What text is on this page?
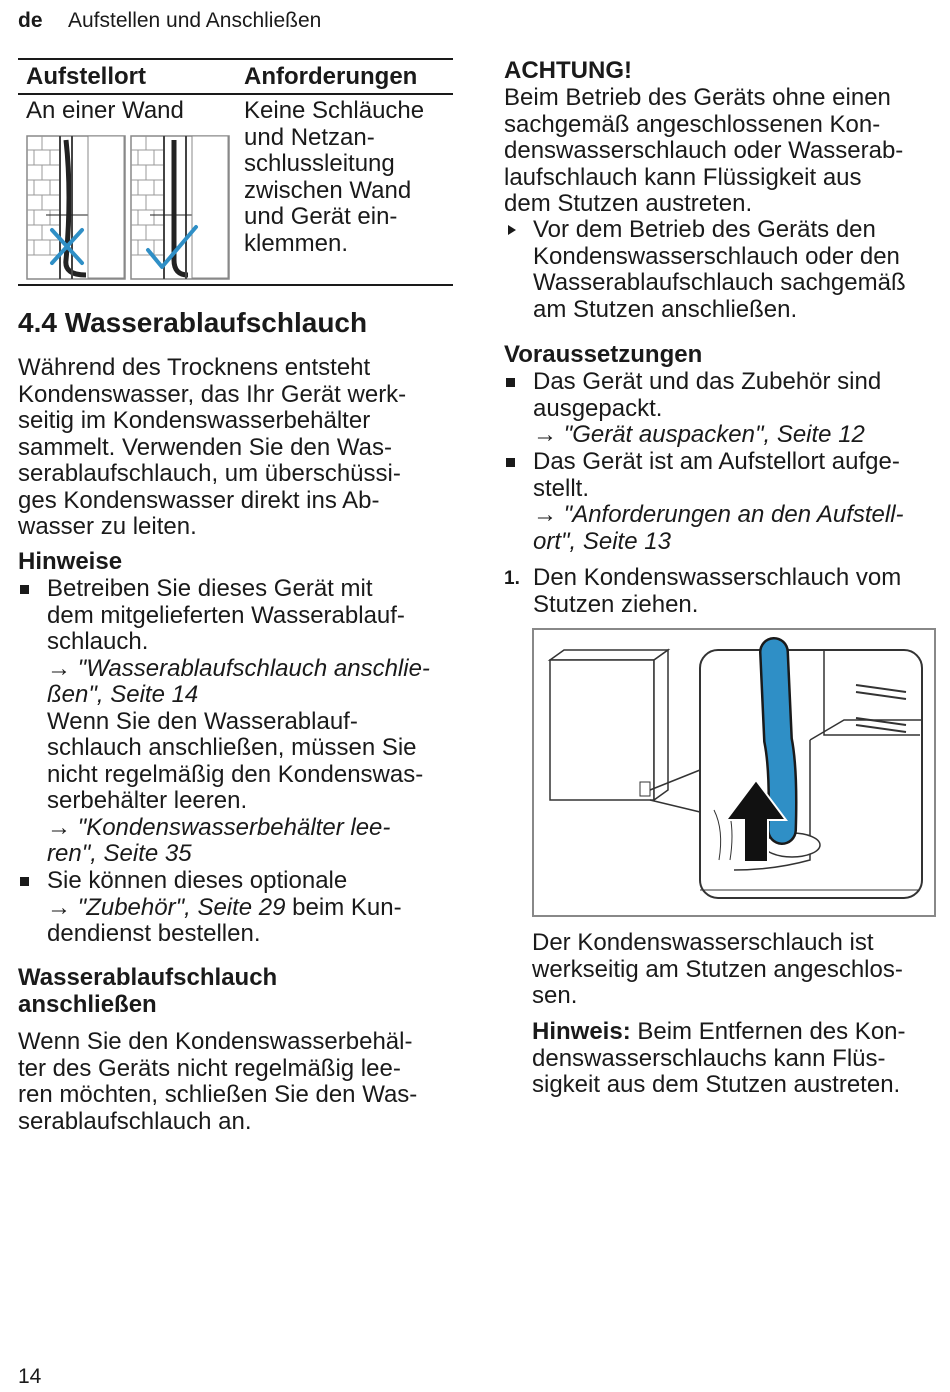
de Aufstellen und Anschließen
Aufstellort	Anforderungen
An einer Wand	Keine Schläuche
und Netzan-
schlussleitung
zwischen Wand
und Gerät ein-
klemmen.
4.4 Wasserablaufschlauch
Während des Trocknens entsteht
Kondenswasser, das Ihr Gerät werk-
seitig im Kondenswasserbehälter
sammelt. Verwenden Sie den Was-
serablaufschlauch, um überschüssi-
ges Kondenswasser direkt ins Ab-
wasser zu leiten.
Hinweise
Betreiben Sie dieses Gerät mit
dem mitgelieferten Wasserablauf-
schlauch.
→ "Wasserablaufschlauch anschlie-
ßen", Seite 14
Wenn Sie den Wasserablauf-
schlauch anschließen, müssen Sie
nicht regelmäßig den Kondenswas-
serbehälter leeren.
→ "Kondenswasserbehälter lee-
ren", Seite 35
Sie können dieses optionale
→ "Zubehör", Seite 29 beim Kun-
dendienst bestellen.
Wasserablaufschlauch
anschließen
Wenn Sie den Kondenswasserbehäl-
ter des Geräts nicht regelmäßig lee-
ren möchten, schließen Sie den Was-
serablaufschlauch an.
ACHTUNG!
Beim Betrieb des Geräts ohne einen
sachgemäß angeschlossenen Kon-
denswasserschlauch oder Wasserab-
laufschlauch kann Flüssigkeit aus
dem Stutzen austreten.
Vor dem Betrieb des Geräts den
Kondenswasserschlauch oder den
Wasserablaufschlauch sachgemäß
am Stutzen anschließen.
Voraussetzungen
Das Gerät und das Zubehör sind
ausgepackt.
→ "Gerät auspacken", Seite 12
Das Gerät ist am Aufstellort aufge-
stellt.
→ "Anforderungen an den Aufstell-
ort", Seite 13
1. Den Kondenswasserschlauch vom
Stutzen ziehen.
Der Kondenswasserschlauch ist
werkseitig am Stutzen angeschlos-
sen.
Hinweis: Beim Entfernen des Kon-
denswasserschlauchs kann Flüs-
sigkeit aus dem Stutzen austreten.
14
